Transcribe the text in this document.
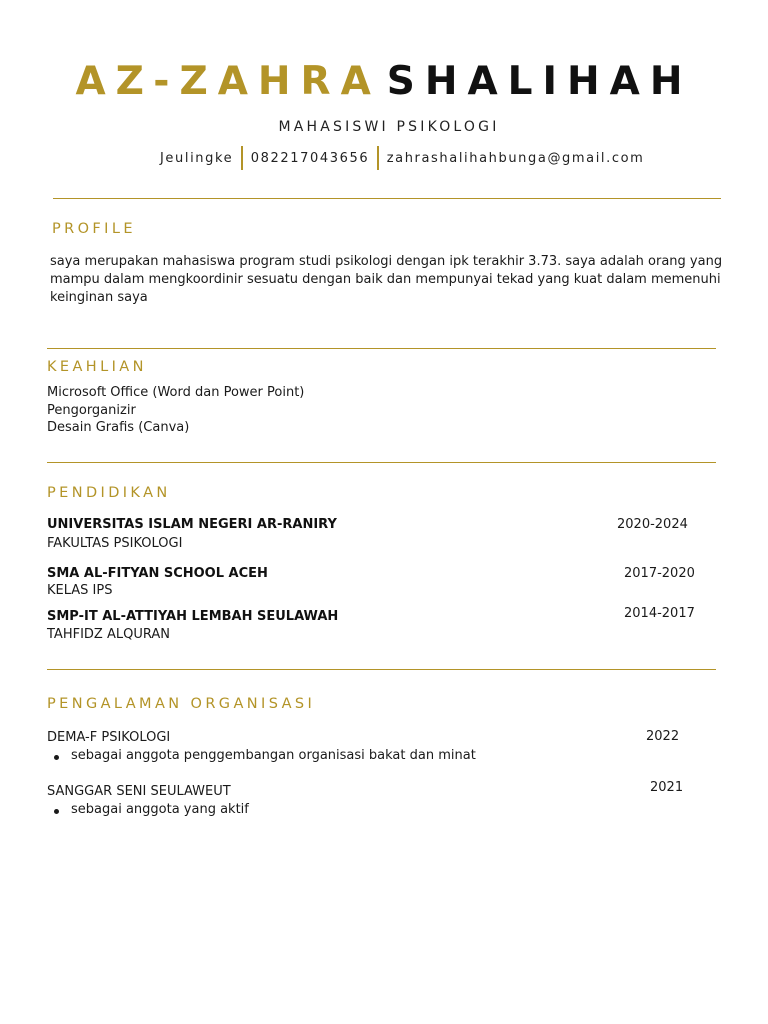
AZ-ZAHRA SHALIHAH
MAHASISWI PSIKOLOGI
Jeulingke 082217043656 zahrashalihahbunga@gmail.com
PROFILE
saya merupakan mahasiswa program studi psikologi dengan ipk terakhir 3.73. saya adalah orang yang
mampu dalam mengkoordinir sesuatu dengan baik dan mempunyai tekad yang kuat dalam memenuhi
keinginan saya
KEAHLIAN
Microsoft Office (Word dan Power Point)
Pengorganizir
Desain Grafis (Canva)
PENDIDIKAN
UNIVERSITAS ISLAM NEGERI AR-RANIRY	2020-2024
FAKULTAS PSIKOLOGI
SMA AL-FITYAN SCHOOL ACEH	2017-2020
KELAS IPS
SMP-IT AL-ATTIYAH LEMBAH SEULAWAH	2014-2017
TAHFIDZ ALQURAN
PENGALAMAN ORGANISASI
DEMA-F PSIKOLOGI	2022
sebagai anggota penggembangan organisasi bakat dan minat
SANGGAR SENI SEULAWEUT	2021
sebagai anggota yang aktif
